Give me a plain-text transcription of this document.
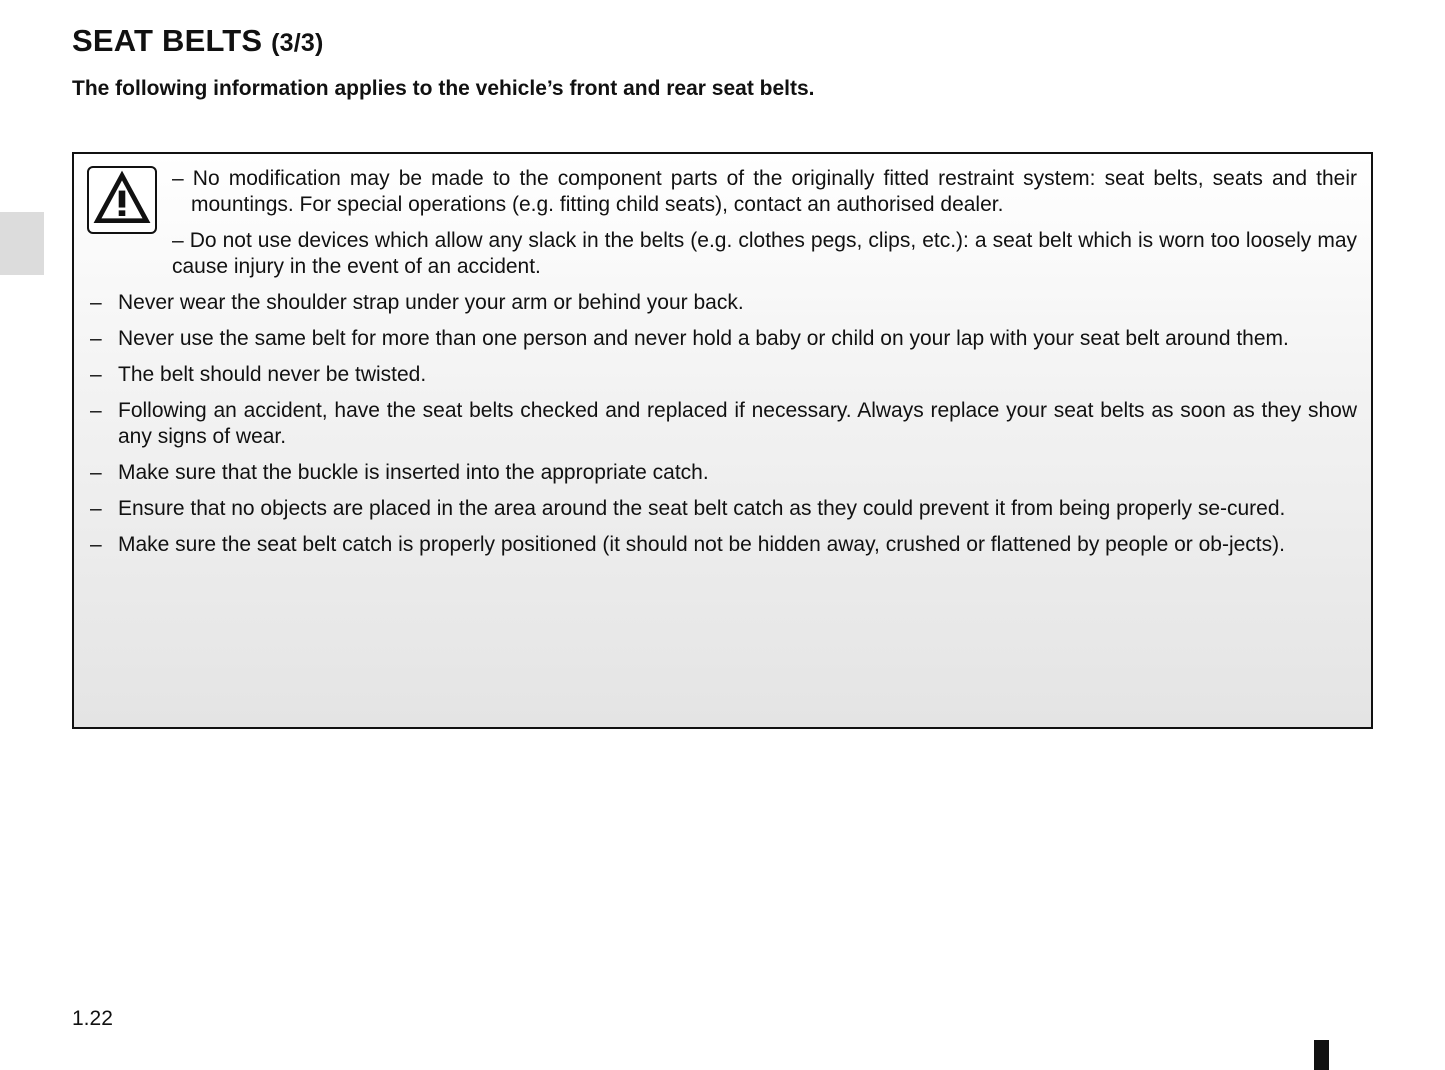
SEAT BELTS (3/3)
The following information applies to the vehicle’s front and rear seat belts.
– No modification may be made to the component parts of the originally fitted restraint system: seat belts, seats and their mountings. For special operations (e.g. fitting child seats), contact an authorised dealer.
– Do not use devices which allow any slack in the belts (e.g. clothes pegs, clips, etc.): a seat belt which is worn too loosely may cause injury in the event of an accident.
– Never wear the shoulder strap under your arm or behind your back.
– Never use the same belt for more than one person and never hold a baby or child on your lap with your seat belt around them.
– The belt should never be twisted.
– Following an accident, have the seat belts checked and replaced if necessary. Always replace your seat belts as soon as they show any signs of wear.
– Make sure that the buckle is inserted into the appropriate catch.
– Ensure that no objects are placed in the area around the seat belt catch as they could prevent it from being properly se-cured.
– Make sure the seat belt catch is properly positioned (it should not be hidden away, crushed or flattened by people or ob-jects).
1.22
